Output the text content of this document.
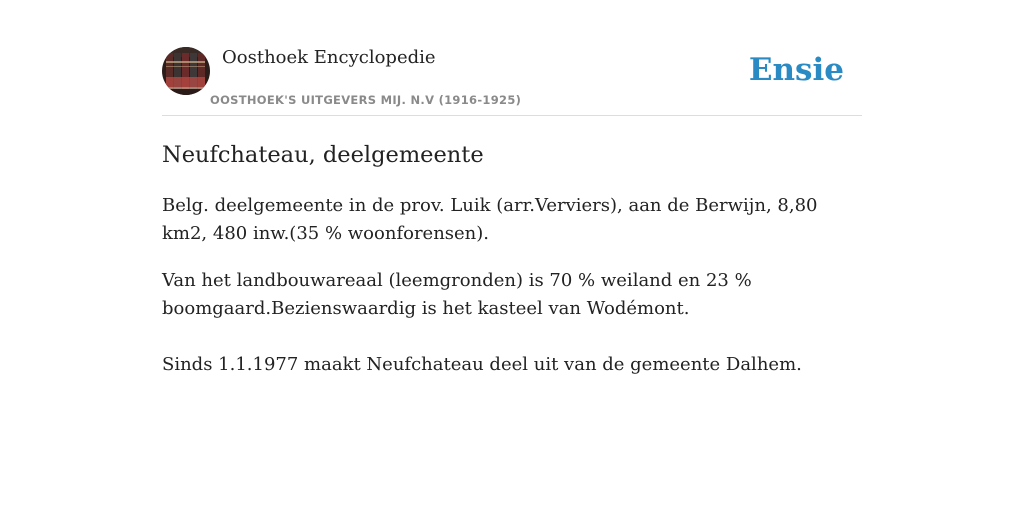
Oosthoek Encyclopedie
OOSTHOEK'S UITGEVERS MIJ. N.V (1916-1925)
Ensie
Neufchateau, deelgemeente

Belg. deelgemeente in de prov. Luik (arr.Verviers), aan de Berwijn, 8,80 km2, 480 inw.(35 % woonforensen).

Van het landbouwareaal (leemgronden) is 70 % weiland en 23 % boomgaard.Bezienswaardig is het kasteel van Wodémont.

Sinds 1.1.1977 maakt Neufchateau deel uit van de gemeente Dalhem.
